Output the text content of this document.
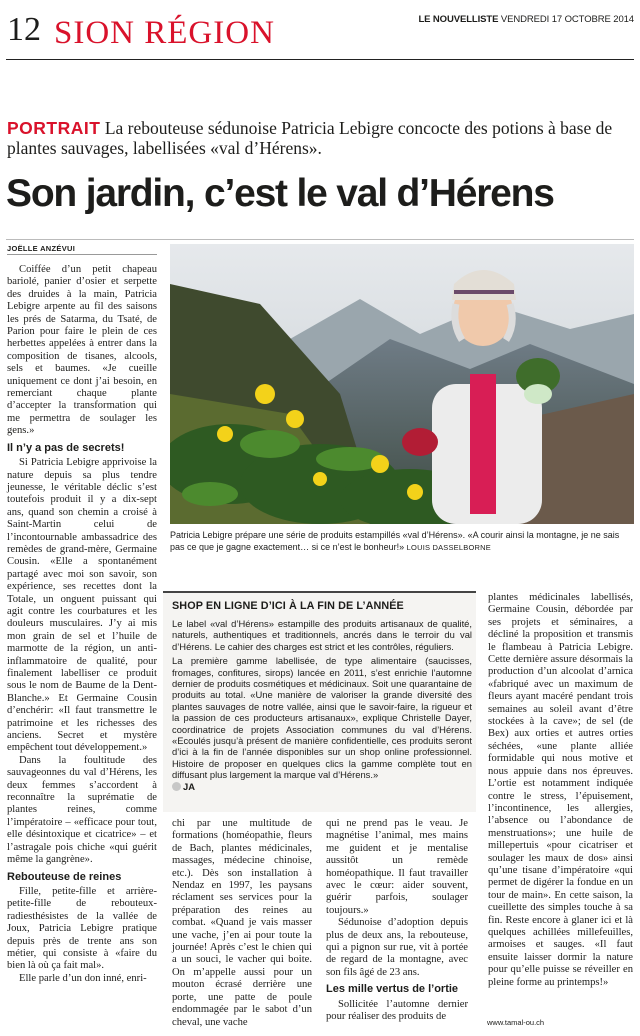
12 SION RÉGION	LE NOUVELLISTE VENDREDI 17 OCTOBRE 2014
PORTRAIT La rebouteuse sédunoise Patricia Lebigre concocte des potions à base de plantes sauvages, labellisées «val d’Hérens».
Son jardin, c’est le val d’Hérens
JOËLLE ANZÉVUI

Coiffée d’un petit chapeau bariolé, panier d’osier et serpette des druides à la main, Patricia Lebigre arpente au fil des saisons les prés de Satarma, du Tsaté, de Parion pour faire le plein de ces herbettes appelées à entrer dans la composition de tisanes, alcools, sels et baumes. «Je cueille uniquement ce dont j’ai besoin, en remerciant chaque plante d’accepter la transformation qui me permettra de soulager les gens.»

Il n’y a pas de secrets!

Si Patricia Lebigre apprivoise la nature depuis sa plus tendre jeunesse, le véritable déclic s’est toutefois produit il y a dix-sept ans, quand son chemin a croisé à Saint-Martin celui de l’incontournable ambassadrice des remèdes de grand-mère, Germaine Cousin. «Elle a spontanément partagé avec moi son savoir, son expérience, ses recettes dont la Totale, un onguent puissant qui agit contre les courbatures et les douleurs musculaires. J’y ai mis mon grain de sel et l’huile de marmotte de la région, un anti-inflammatoire de qualité, pour finalement labelliser ce produit sous le nom de Baume de la Dent-Blanche.» Et Germaine Cousin d’enchérir: «Il faut transmettre le patrimoine et les richesses des anciens. Secret et mystère empêchent tout développement.»

Dans la foultitude des sauvageonnes du val d’Hérens, les deux femmes s’accordent à reconnaître la suprématie de plantes reines, comme l’impératoire – «efficace pour tout, elle désintoxique et cicatrice» – et l’astragale pois chiche «qui guérit même la gangrène».

Rebouteuse de reines

Fille, petite-fille et arrière-petite-fille de rebouteux-radiesthésistes de la vallée de Joux, Patricia Lebigre pratique depuis près de trente ans son métier, qui consiste à «faire du bien là où ça fait mal».

Elle parle d’un don inné, enri-

Patricia Lebigre prépare une série de produits estampillés «val d’Hérens». «A courir ainsi la montagne, je ne sais pas ce que je gagne exactement… si ce n’est le bonheur!» LOUIS DASSELBORNE

chi par une multitude de formations (homéopathie, fleurs de Bach, plantes médicinales, massages, médecine chinoise, etc.). Dès son installation à Nendaz en 1997, les paysans réclament ses services pour la préparation des reines au combat. «Quand je vais masser une vache, j’en ai pour toute la journée! Après c’est le chien qui a un souci, le vacher qui boite. On m’appelle aussi pour un mouton écrasé derrière une porte, une patte de poule endommagée par le sabot d’un cheval, une vache

qui ne prend pas le veau. Je magnétise l’animal, mes mains me guident et je mentalise aussitôt un remède homéopathique. Il faut travailler avec le cœur: aider souvent, guérir parfois, soulager toujours.»

Sédunoise d’adoption depuis plus de deux ans, la rebouteuse, qui a pignon sur rue, vit à portée de regard de la montagne, avec son fils âgé de 23 ans.

Les mille vertus de l’ortie

Sollicitée l’automne dernier pour réaliser des produits de

SHOP EN LIGNE D’ICI À LA FIN DE L’ANNÉE

Le label «val d’Hérens» estampille des produits artisanaux de qualité, naturels, authentiques et traditionnels, ancrés dans le terroir du val d’Hérens. Le cahier des charges est strict et les contrôles, réguliers.

La première gamme labellisée, de type alimentaire (saucisses, fromages, confitures, sirops) lancée en 2011, s’est enrichie l’automne dernier de produits cosmétiques et médicinaux. Soit une quarantaine de produits au total. «Une manière de valoriser la grande diversité des plantes sauvages de notre vallée, ainsi que le savoir-faire, la rigueur et la passion de ces producteurs artisanaux», explique Christelle Dayer, coordinatrice de projets Association communes du val d’Hérens. «Ecoulés jusqu’à présent de manière confidentielle, ces produits seront d’ici à la fin de l’année disponibles sur un shop online professionnel. Histoire de proposer en quelques clics la gamme complète tout en diffusant plus largement la marque val d’Hérens.»

JA

plantes médicinales labellisés, Germaine Cousin, débordée par ses projets et séminaires, a décliné la proposition et transmis le flambeau à Patricia Lebigre. Cette dernière assure désormais la production d’un alcoolat d’arnica «fabriqué avec un maximum de fleurs ayant macéré pendant trois semaines au soleil avant d’être stockées à la cave»; de sel (de Bex) aux orties et autres orties séchées, «une plante alliée formidable qui nous motive et nous appuie dans nos épreuves. L’ortie est notamment indiquée contre le stress, l’épuisement, l’incontinence, les allergies, l’absence ou l’abondance de menstruations»; une huile de millepertuis «pour cicatriser et soulager les maux de dos» ainsi qu’une tisane d’impératoire «qui permet de digérer la fondue en un tour de main». En cette saison, la cueillette des simples touche à sa fin. Reste encore à glaner ici et là quelques achillées millefeuilles, armoises et sauges. «Il faut ensuite laisser dormir la nature pour qu’elle puisse se réveiller en pleine forme au printemps!»

www.tamal-ou.ch
